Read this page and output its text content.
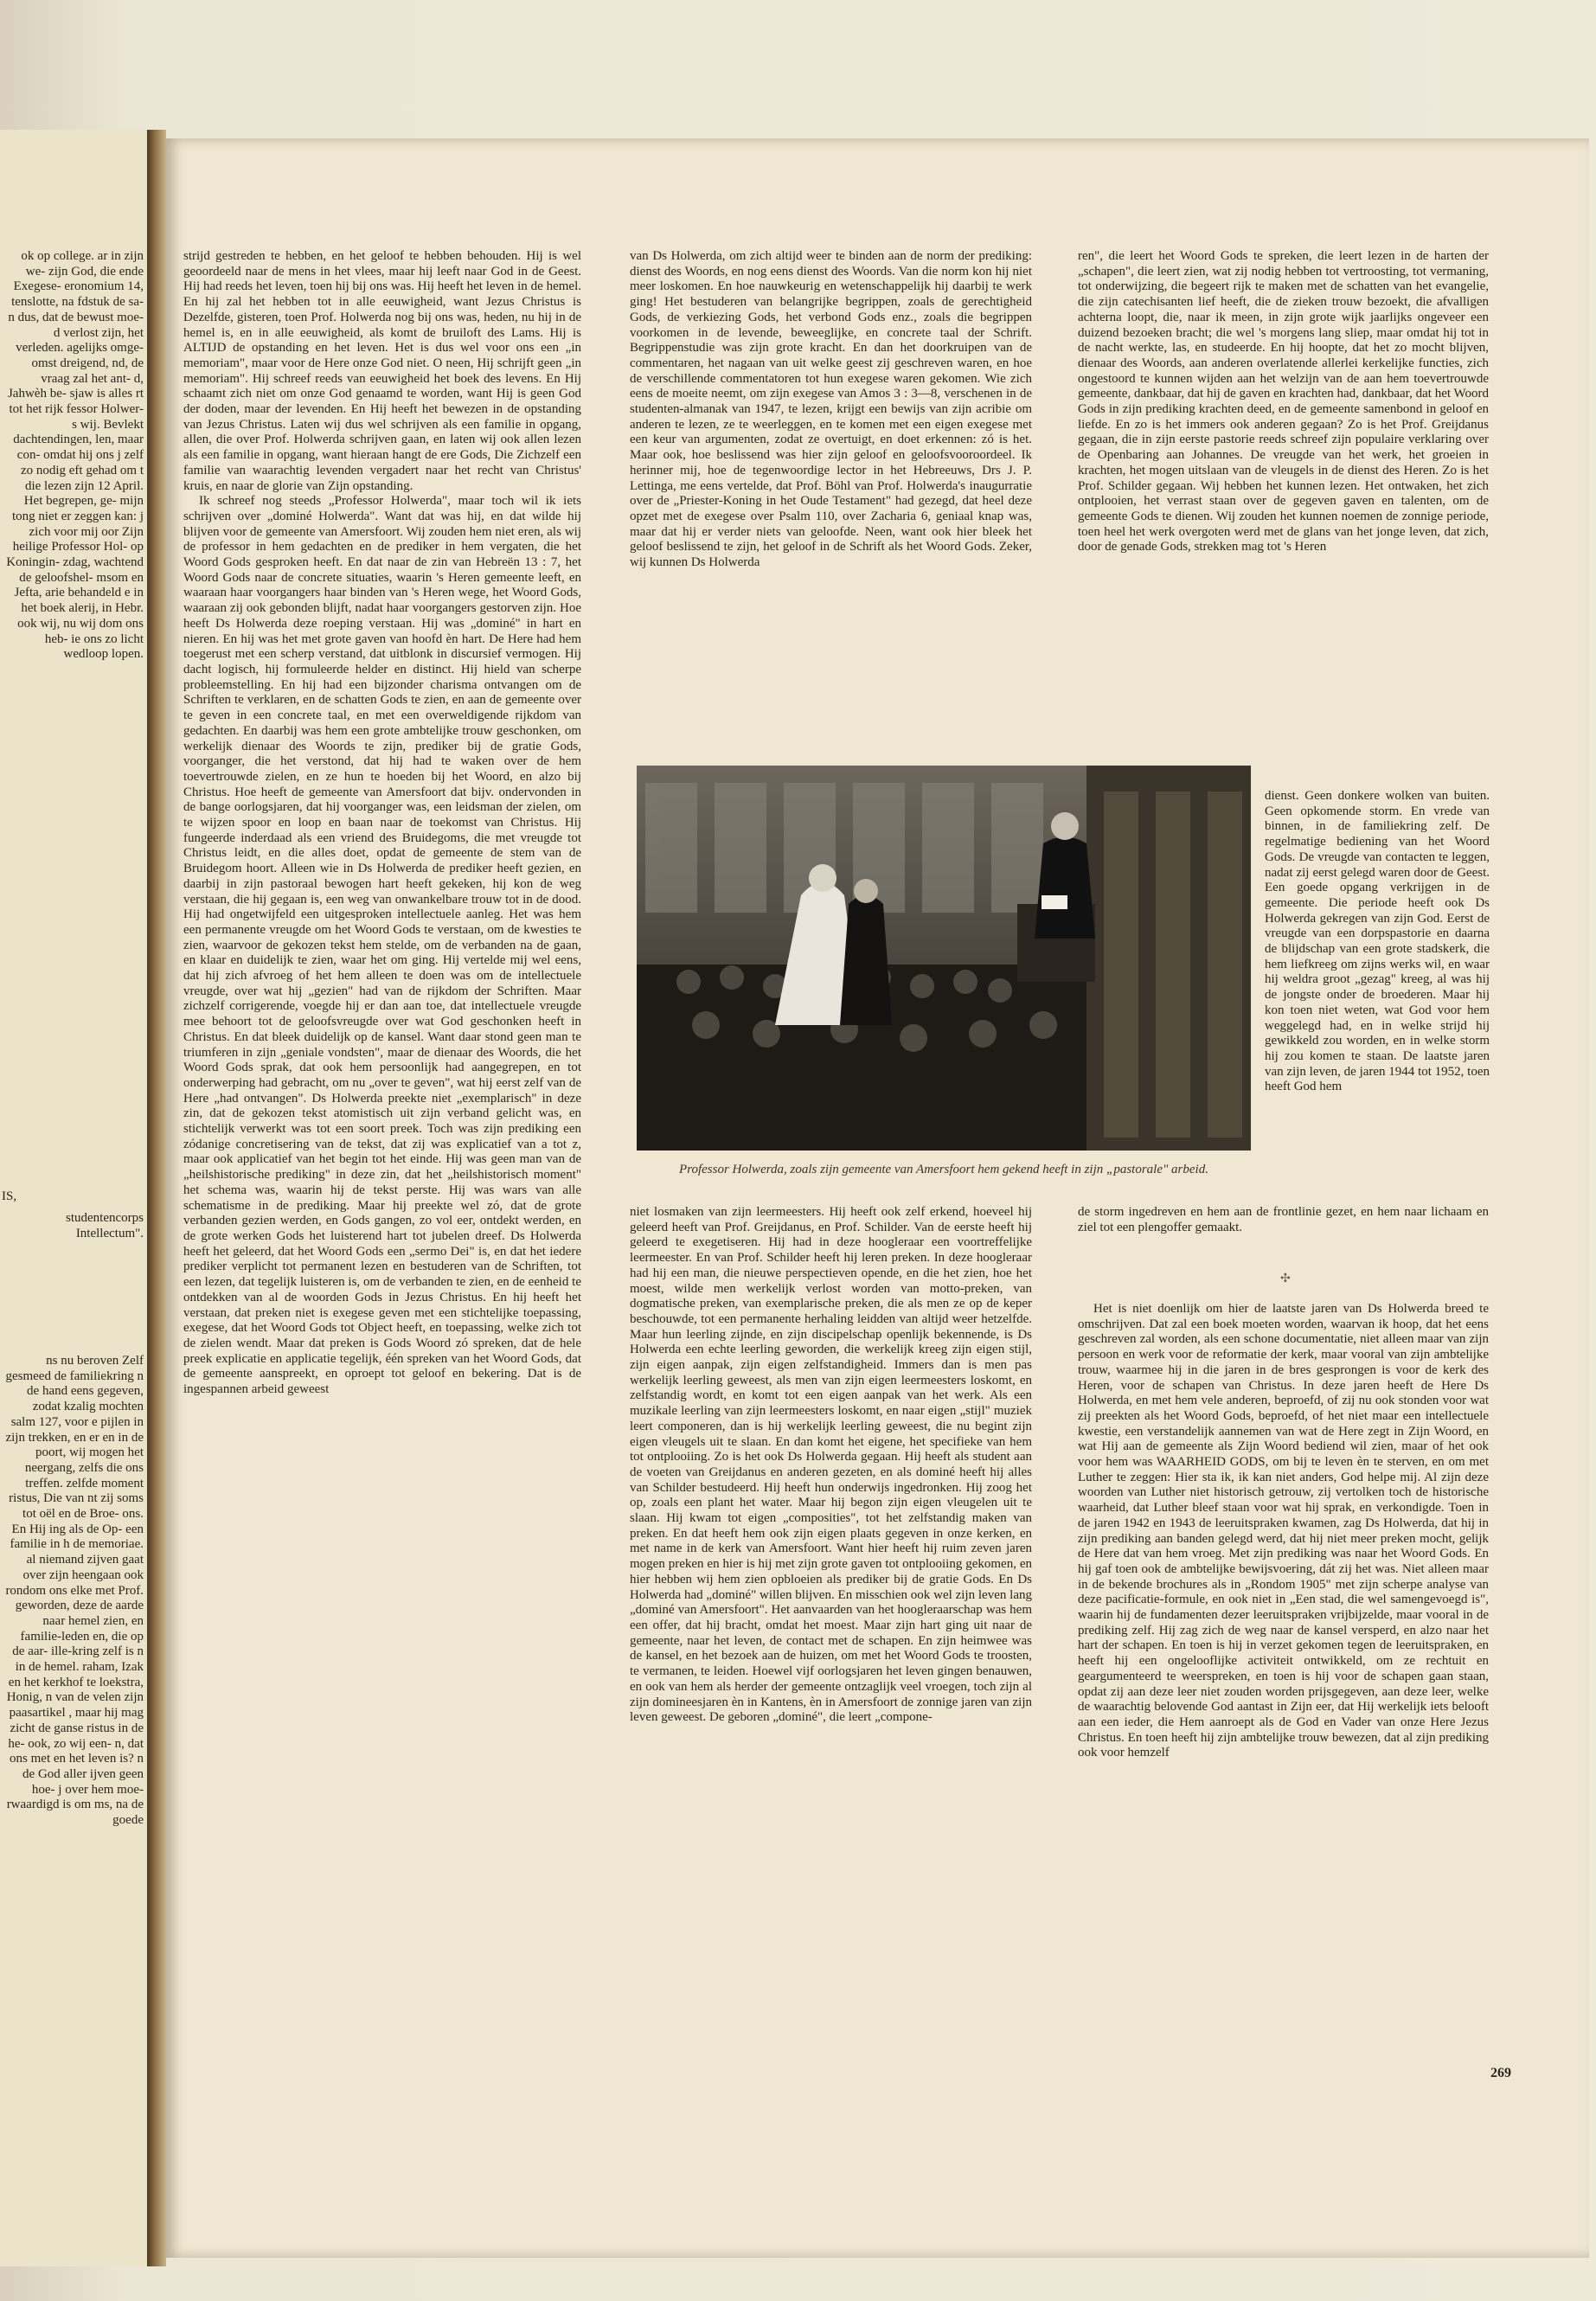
ok op college. ar in zijn we- zijn God, die ende Exegese- eronomium 14, tenslotte, na fdstuk de sa- n dus, dat de bewust moe- d verlost zijn, het verleden. agelijks omge- omst dreigend, nd, de vraag zal het ant- d, Jahwèh be- sjaw is alles rt tot het rijk fessor Holwer- s wij. Bevlekt dachtendingen, len, maar con- omdat hij ons j zelf zo nodig eft gehad om t die lezen zijn 12 April. Het begrepen, ge- mijn tong niet er zeggen kan: j zich voor mij oor Zijn heilige Professor Hol- op Koningin- zdag, wachtend de geloofshel- msom en Jefta, arie behandeld e in het boek alerij, in Hebr. ook wij, nu wij dom ons heb- ie ons zo licht wedloop lopen.

IS,

studentencorps Intellectum".

ns nu beroven Zelf gesmeed de familiekring n de hand eens gegeven, zodat kzalig mochten salm 127, voor e pijlen in zijn trekken, en er en in de poort, wij mogen het neergang, zelfs die ons treffen. zelfde moment ristus, Die van nt zij soms tot oël en de Broe- ons. En Hij ing als de Op- een familie in h de memoriae. al niemand zijven gaat over zijn heengaan ook rondom ons elke met Prof. geworden, deze de aarde naar hemel zien, en familie-leden en, die op de aar- ille-kring zelf is n in de hemel. raham, Izak en het kerkhof te loekstra, Honig, n van de velen zijn paasartikel , maar hij mag zicht de ganse ristus in de he- ook, zo wij een- n, dat ons met en het leven is? n de God aller ijven geen hoe- j over hem moe- rwaardigd is om ms, na de goede

strijd gestreden te hebben, en het geloof te hebben behouden. Hij is wel geoordeeld naar de mens in het vlees, maar hij leeft naar God in de Geest. Hij had reeds het leven, toen hij bij ons was. Hij heeft het leven in de hemel. En hij zal het hebben tot in alle eeuwigheid, want Jezus Christus is Dezelfde, gisteren, toen Prof. Holwerda nog bij ons was, heden, nu hij in de hemel is, en in alle eeuwigheid, als komt de bruiloft des Lams. Hij is ALTIJD de opstanding en het leven. Het is dus wel voor ons een „in memoriam", maar voor de Here onze God niet. O neen, Hij schrijft geen „in memoriam". Hij schreef reeds van eeuwigheid het boek des levens. En Hij schaamt zich niet om onze God genaamd te worden, want Hij is geen God der doden, maar der levenden. En Hij heeft het bewezen in de opstanding van Jezus Christus. Laten wij dus wel schrijven als een familie in opgang, allen, die over Prof. Holwerda schrijven gaan, en laten wij ook allen lezen als een familie in opgang, want hieraan hangt de ere Gods, Die Zichzelf een familie van waarachtig levenden vergadert naar het recht van Christus' kruis, en naar de glorie van Zijn opstanding.

Ik schreef nog steeds „Professor Holwerda", maar toch wil ik iets schrijven over „dominé Holwerda". Want dat was hij, en dat wilde hij blijven voor de gemeente van Amersfoort. Wij zouden hem niet eren, als wij de professor in hem gedachten en de prediker in hem vergaten, die het Woord Gods gesproken heeft. En dat naar de zin van Hebreën 13 : 7, het Woord Gods naar de concrete situaties, waarin 's Heren gemeente leeft, en waaraan haar voorgangers haar binden van 's Heren wege, het Woord Gods, waaraan zij ook gebonden blijft, nadat haar voorgangers gestorven zijn. Hoe heeft Ds Holwerda deze roeping verstaan. Hij was „dominé" in hart en nieren. En hij was het met grote gaven van hoofd èn hart. De Here had hem toegerust met een scherp verstand, dat uitblonk in discursief vermogen. Hij dacht logisch, hij formuleerde helder en distinct. Hij hield van scherpe probleemstelling. En hij had een bijzonder charisma ontvangen om de Schriften te verklaren, en de schatten Gods te zien, en aan de gemeente over te geven in een concrete taal, en met een overweldigende rijkdom van gedachten. En daarbij was hem een grote ambtelijke trouw geschonken, om werkelijk dienaar des Woords te zijn, prediker bij de gratie Gods, voorganger, die het verstond, dat hij had te waken over de hem toevertrouwde zielen, en ze hun te hoeden bij het Woord, en alzo bij Christus. Hoe heeft de gemeente van Amersfoort dat bijv. ondervonden in de bange oorlogsjaren, dat hij voorganger was, een leidsman der zielen, om te wijzen spoor en loop en baan naar de toekomst van Christus. Hij fungeerde inderdaad als een vriend des Bruidegoms, die met vreugde tot Christus leidt, en die alles doet, opdat de gemeente de stem van de Bruidegom hoort. Alleen wie in Ds Holwerda de prediker heeft gezien, en daarbij in zijn pastoraal bewogen hart heeft gekeken, hij kon de weg verstaan, die hij gegaan is, een weg van onwankelbare trouw tot in de dood. Hij had ongetwijfeld een uitgesproken intellectuele aanleg. Het was hem een permanente vreugde om het Woord Gods te verstaan, om de kwesties te zien, waarvoor de gekozen tekst hem stelde, om de verbanden na de gaan, en klaar en duidelijk te zien, waar het om ging. Hij vertelde mij wel eens, dat hij zich afvroeg of het hem alleen te doen was om de intellectuele vreugde, over wat hij „gezien" had van de rijkdom der Schriften. Maar zichzelf corrigerende, voegde hij er dan aan toe, dat intellectuele vreugde mee behoort tot de geloofsvreugde over wat God geschonken heeft in Christus. En dat bleek duidelijk op de kansel. Want daar stond geen man te triumferen in zijn „geniale vondsten", maar de dienaar des Woords, die het Woord Gods sprak, dat ook hem persoonlijk had aangegrepen, en tot onderwerping had gebracht, om nu „over te geven", wat hij eerst zelf van de Here „had ontvangen". Ds Holwerda preekte niet „exemplarisch" in deze zin, dat de gekozen tekst atomistisch uit zijn verband gelicht was, en stichtelijk verwerkt was tot een soort preek. Toch was zijn prediking een zódanige concretisering van de tekst, dat zij was explicatief van a tot z, maar ook applicatief van het begin tot het einde. Hij was geen man van de „heilshistorische prediking" in deze zin, dat het „heilshistorisch moment" het schema was, waarin hij de tekst perste. Hij was wars van alle schematisme in de prediking. Maar hij preekte wel zó, dat de grote verbanden gezien werden, en Gods gangen, zo vol eer, ontdekt werden, en de grote werken Gods het luisterend hart tot jubelen dreef. Ds Holwerda heeft het geleerd, dat het Woord Gods een „sermo Dei" is, en dat het iedere prediker verplicht tot permanent lezen en bestuderen van de Schriften, tot een lezen, dat tegelijk luisteren is, om de verbanden te zien, en de eenheid te ontdekken van al de woorden Gods in Jezus Christus. En hij heeft het verstaan, dat preken niet is exegese geven met een stichtelijke toepassing, exegese, dat het Woord Gods tot Object heeft, en toepassing, welke zich tot de zielen wendt. Maar dat preken is Gods Woord zó spreken, dat de hele preek explicatie en applicatie tegelijk, één spreken van het Woord Gods, dat de gemeente aanspreekt, en oproept tot geloof en bekering. Dat is de ingespannen arbeid geweest

van Ds Holwerda, om zich altijd weer te binden aan de norm der prediking: dienst des Woords, en nog eens dienst des Woords. Van die norm kon hij niet meer loskomen. En hoe nauwkeurig en wetenschappelijk hij daarbij te werk ging! Het bestuderen van belangrijke begrippen, zoals de gerechtigheid Gods, de verkiezing Gods, het verbond Gods enz., zoals die begrippen voorkomen in de levende, beweeglijke, en concrete taal der Schrift. Begrippenstudie was zijn grote kracht. En dan het doorkruipen van de commentaren, het nagaan van uit welke geest zij geschreven waren, en hoe de verschillende commentatoren tot hun exegese waren gekomen. Wie zich eens de moeite neemt, om zijn exegese van Amos 3 : 3—8, verschenen in de studenten-almanak van 1947, te lezen, krijgt een bewijs van zijn acribie om anderen te lezen, ze te weerleggen, en te komen met een eigen exegese met een keur van argumenten, zodat ze overtuigt, en doet erkennen: zó is het. Maar ook, hoe beslissend was hier zijn geloof en geloofsvooroordeel. Ik herinner mij, hoe de tegenwoordige lector in het Hebreeuws, Drs J. P. Lettinga, me eens vertelde, dat Prof. Böhl van Prof. Holwerda's inaugurratie over de „Priester-Koning in het Oude Testament" had gezegd, dat heel deze opzet met de exegese over Psalm 110, over Zacharia 6, geniaal knap was, maar dat hij er verder niets van geloofde. Neen, want ook hier bleek het geloof beslissend te zijn, het geloof in de Schrift als het Woord Gods. Zeker, wij kunnen Ds Holwerda

ren", die leert het Woord Gods te spreken, die leert lezen in de harten der „schapen", die leert zien, wat zij nodig hebben tot vertroosting, tot vermaning, tot onderwijzing, die begeert rijk te maken met de schatten van het evangelie, die zijn catechisanten lief heeft, die de zieken trouw bezoekt, die afvalligen achterna loopt, die, naar ik meen, in zijn grote wijk jaarlijks ongeveer een duizend bezoeken bracht; die wel 's morgens lang sliep, maar omdat hij tot in de nacht werkte, las, en studeerde. En hij hoopte, dat het zo mocht blijven, dienaar des Woords, aan anderen overlatende allerlei kerkelijke functies, zich ongestoord te kunnen wijden aan het welzijn van de aan hem toevertrouwde gemeente, dankbaar, dat hij de gaven en krachten had, dankbaar, dat het Woord Gods in zijn prediking krachten deed, en de gemeente samenbond in geloof en liefde. En zo is het immers ook anderen gegaan? Zo is het Prof. Greijdanus gegaan, die in zijn eerste pastorie reeds schreef zijn populaire verklaring over de Openbaring aan Johannes. De vreugde van het werk, het groeien in krachten, het mogen uitslaan van de vleugels in de dienst des Heren. Zo is het Prof. Schilder gegaan. Wij hebben het kunnen lezen. Het ontwaken, het zich ontplooien, het verrast staan over de gegeven gaven en talenten, om de gemeente Gods te dienen. Wij zouden het kunnen noemen de zonnige periode, toen heel het werk overgoten werd met de glans van het jonge leven, dat zich, door de genade Gods, strekken mag tot 's Heren

dienst. Geen donkere wolken van buiten. Geen opkomende storm. En vrede van binnen, in de familiekring zelf. De regelmatige bediening van het Woord Gods. De vreugde van contacten te leggen, nadat zij eerst gelegd waren door de Geest. Een goede opgang verkrijgen in de gemeente. Die periode heeft ook Ds Holwerda gekregen van zijn God. Eerst de vreugde van een dorpspastorie en daarna de blijdschap van een grote stadskerk, die hem liefkreeg om zijns werks wil, en waar hij weldra groot „gezag" kreeg, al was hij de jongste onder de broederen. Maar hij kon toen niet weten, wat God voor hem weggelegd had, en in welke strijd hij gewikkeld zou worden, en in welke storm hij zou komen te staan. De laatste jaren van zijn leven, de jaren 1944 tot 1952, toen heeft God hem

Professor Holwerda, zoals zijn gemeente van Amersfoort hem gekend heeft in zijn „pastorale" arbeid.

niet losmaken van zijn leermeesters. Hij heeft ook zelf erkend, hoeveel hij geleerd heeft van Prof. Greijdanus, en Prof. Schilder. Van de eerste heeft hij geleerd te exegetiseren. Hij had in deze hoogleraar een voortreffelijke leermeester. En van Prof. Schilder heeft hij leren preken. In deze hoogleraar had hij een man, die nieuwe perspectieven opende, en die het zien, hoe het moest, wilde men werkelijk verlost worden van motto-preken, van dogmatische preken, van exemplarische preken, die als men ze op de keper beschouwde, tot een permanente herhaling leidden van altijd weer hetzelfde. Maar hun leerling zijnde, en zijn discipelschap openlijk bekennende, is Ds Holwerda een echte leerling geworden, die werkelijk kreeg zijn eigen stijl, zijn eigen aanpak, zijn eigen zelfstandigheid. Immers dan is men pas werkelijk leerling geweest, als men van zijn eigen leermeesters loskomt, en zelfstandig wordt, en komt tot een eigen aanpak van het werk. Als een muzikale leerling van zijn leermeesters loskomt, en naar eigen „stijl" muziek leert componeren, dan is hij werkelijk leerling geweest, die nu begint zijn eigen vleugels uit te slaan. En dan komt het eigene, het specifieke van hem tot ontplooiing. Zo is het ook Ds Holwerda gegaan. Hij heeft als student aan de voeten van Greijdanus en anderen gezeten, en als dominé heeft hij alles van Schilder bestudeerd. Hij heeft hun onderwijs ingedronken. Hij zoog het op, zoals een plant het water. Maar hij begon zijn eigen vleugelen uit te slaan. Hij kwam tot eigen „composities", tot het zelfstandig maken van preken. En dat heeft hem ook zijn eigen plaats gegeven in onze kerken, en met name in de kerk van Amersfoort. Want hier heeft hij ruim zeven jaren mogen preken en hier is hij met zijn grote gaven tot ontplooiing gekomen, en hier hebben wij hem zien opbloeien als prediker bij de gratie Gods. En Ds Holwerda had „dominé" willen blijven. En misschien ook wel zijn leven lang „dominé van Amersfoort". Het aanvaarden van het hoogleraarschap was hem een offer, dat hij bracht, omdat het moest. Maar zijn hart ging uit naar de gemeente, naar het leven, de contact met de schapen. En zijn heimwee was de kansel, en het bezoek aan de huizen, om met het Woord Gods te troosten, te vermanen, te leiden. Hoewel vijf oorlogsjaren het leven gingen benauwen, en ook van hem als herder der gemeente ontzaglijk veel vroegen, toch zijn al zijn domineesjaren èn in Kantens, èn in Amersfoort de zonnige jaren van zijn leven geweest. De geboren „dominé", die leert „compone-

de storm ingedreven en hem aan de frontlinie gezet, en hem naar lichaam en ziel tot een plengoffer gemaakt.

✣

Het is niet doenlijk om hier de laatste jaren van Ds Holwerda breed te omschrijven. Dat zal een boek moeten worden, waarvan ik hoop, dat het eens geschreven zal worden, als een schone documentatie, niet alleen maar van zijn persoon en werk voor de reformatie der kerk, maar vooral van zijn ambtelijke trouw, waarmee hij in die jaren in de bres gesprongen is voor de kerk des Heren, voor de schapen van Christus. In deze jaren heeft de Here Ds Holwerda, en met hem vele anderen, beproefd, of zij nu ook stonden voor wat zij preekten als het Woord Gods, beproefd, of het niet maar een intellectuele kwestie, een verstandelijk aannemen van wat de Here zegt in Zijn Woord, en wat Hij aan de gemeente als Zijn Woord bediend wil zien, maar of het ook voor hem was WAARHEID GODS, om bij te leven èn te sterven, en om met Luther te zeggen: Hier sta ik, ik kan niet anders, God helpe mij. Al zijn deze woorden van Luther niet historisch getrouw, zij vertolken toch de historische waarheid, dat Luther bleef staan voor wat hij sprak, en verkondigde. Toen in de jaren 1942 en 1943 de leeruitspraken kwamen, zag Ds Holwerda, dat hij in zijn prediking aan banden gelegd werd, dat hij niet meer preken mocht, gelijk de Here dat van hem vroeg. Met zijn prediking was naar het Woord Gods. En hij gaf toen ook de ambtelijke bewijsvoering, dát zij het was. Niet alleen maar in de bekende brochures als in „Rondom 1905" met zijn scherpe analyse van deze pacificatie-formule, en ook niet in „Een stad, die wel samengevoegd is", waarin hij de fundamenten dezer leeruitspraken vrijbijzelde, maar vooral in de prediking zelf. Hij zag zich de weg naar de kansel versperd, en alzo naar het hart der schapen. En toen is hij in verzet gekomen tegen de leeruitspraken, en heeft hij een ongelooflijke activiteit ontwikkeld, om ze rechtuit en geargumenteerd te weerspreken, en toen is hij voor de schapen gaan staan, opdat zij aan deze leer niet zouden worden prijsgegeven, aan deze leer, welke de waarachtig belovende God aantast in Zijn eer, dat Hij werkelijk iets belooft aan een ieder, die Hem aanroept als de God en Vader van onze Here Jezus Christus. En toen heeft hij zijn ambtelijke trouw bewezen, dat al zijn prediking ook voor hemzelf

269
